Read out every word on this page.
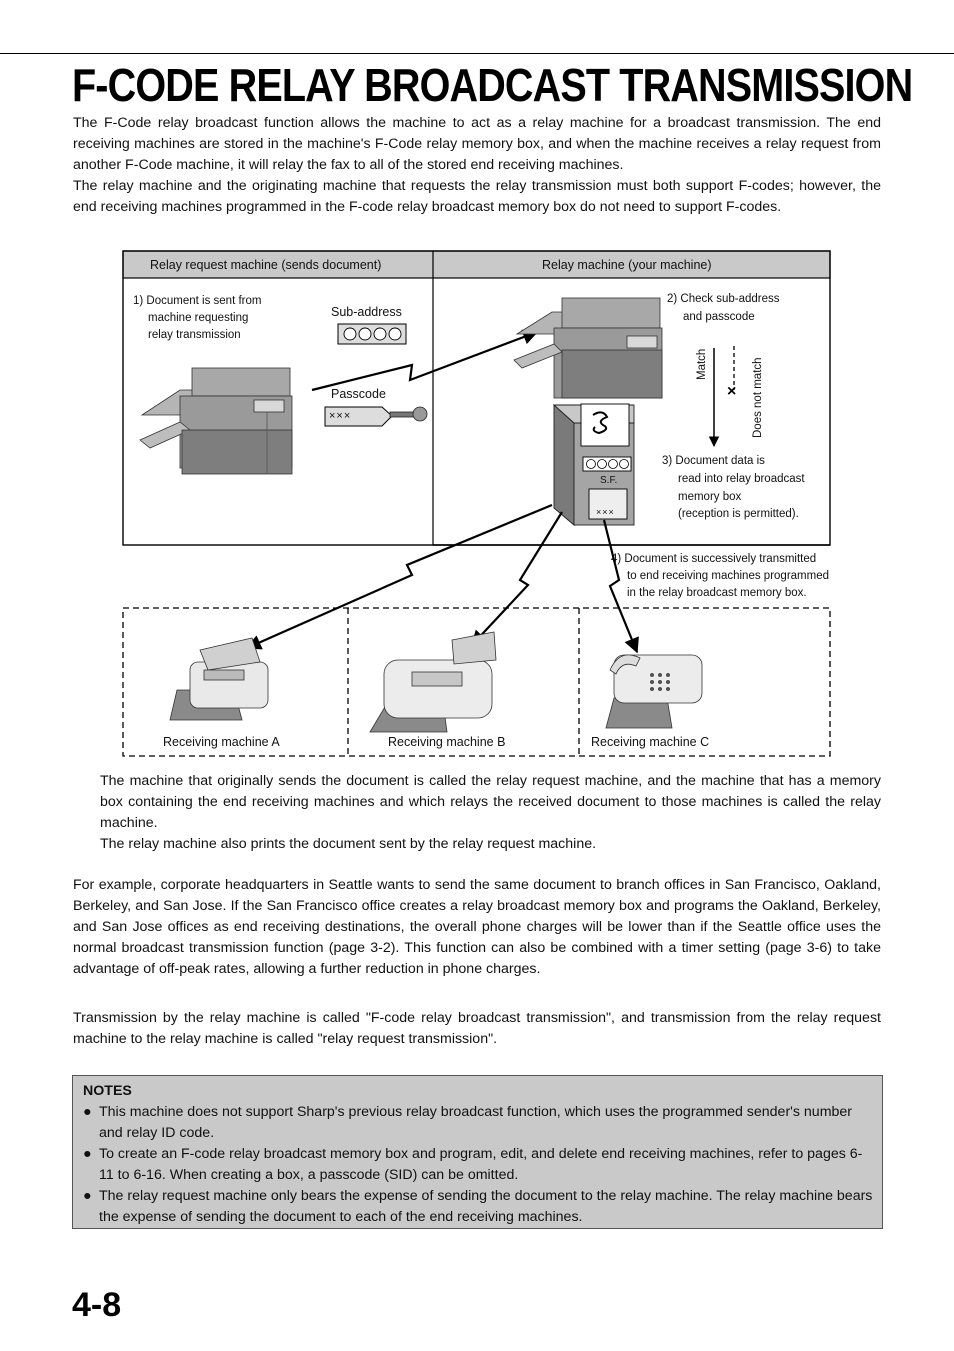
F-CODE RELAY BROADCAST TRANSMISSION

The F-Code relay broadcast function allows the machine to act as a relay machine for a broadcast transmission. The end receiving machines are stored in the machine's F-Code relay memory box, and when the machine receives a relay request from another F-Code machine, it will relay the fax to all of the stored end receiving machines.

The relay machine and the originating machine that requests the relay transmission must both support F-codes; however, the end receiving machines programmed in the F-code relay broadcast memory box do not need to support F-codes.

×
Relay request machine (sends document)	Relay machine (your machine)
1) Document is sent from
machine requesting
relay transmission
Sub-address
Passcode
×××
2) Check sub-address
and passcode
Match	Does not match
3) Document data is
read into relay broadcast
memory box
(reception is permitted).
S.F.
×××
4) Document is successively transmitted
to end receiving machines programmed
in the relay broadcast memory box.
Receiving machine A	Receiving machine B	Receiving machine C

The machine that originally sends the document is called the relay request machine, and the machine that has a memory box containing the end receiving machines and which relays the received document to those machines is called the relay machine.

The relay machine also prints the document sent by the relay request machine.

For example, corporate headquarters in Seattle wants to send the same document to branch offices in San Francisco, Oakland, Berkeley, and San Jose. If the San Francisco office creates a relay broadcast memory box and programs the Oakland, Berkeley, and San Jose offices as end receiving destinations, the overall phone charges will be lower than if the Seattle office uses the normal broadcast transmission function (page 3-2). This function can also be combined with a timer setting (page 3-6) to take advantage of off-peak rates, allowing a further reduction in phone charges.

Transmission by the relay machine is called "F-code relay broadcast transmission", and transmission from the relay request machine to the relay machine is called "relay request transmission".

NOTES
● This machine does not support Sharp's previous relay broadcast function, which uses the programmed sender's number and relay ID code.
● To create an F-code relay broadcast memory box and program, edit, and delete end receiving machines, refer to pages 6-11 to 6-16. When creating a box, a passcode (SID) can be omitted.
● The relay request machine only bears the expense of sending the document to the relay machine. The relay machine bears the expense of sending the document to each of the end receiving machines.
4-8
